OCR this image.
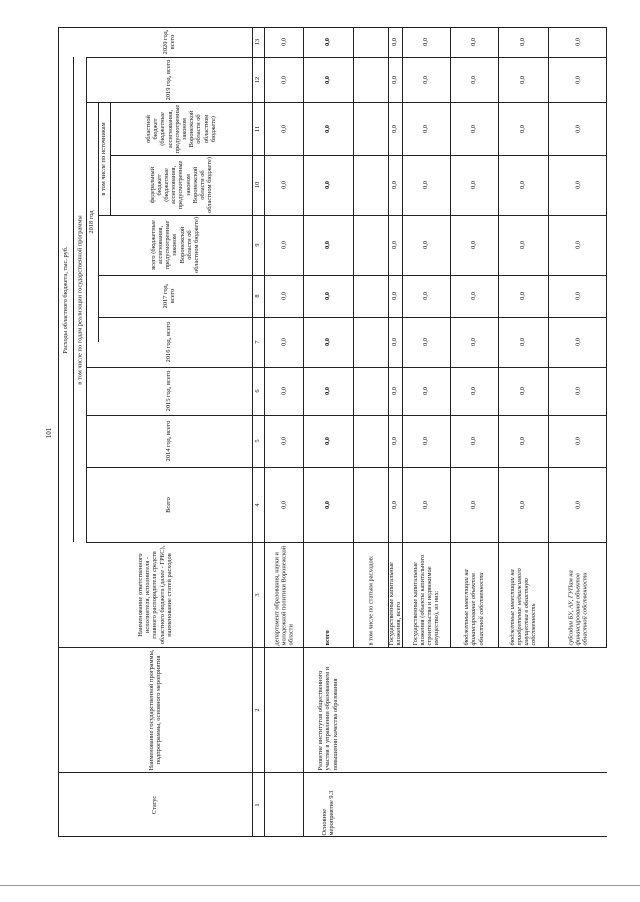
101
Расходы областного бюджета, тыс. руб.	в том числе по годам реализации государственной программы 2018 год
в том числе по источникам
Статус
Наименование государственной программы, подпрограммы, основного мероприятия
Наименование ответственного исполнителя, исполнителя - главного распорядителя средств областного бюджета (далее - ГРБС), наименование статей расходов
Всего
2014 год, всего
2015 год, всего
2016 год, всего
2017 год, всего
всего (бюджетные ассигнования, предусмотренные законом Воронежской области об областном бюджете)
федеральный бюджет (бюджетные ассигнования, предусмотренные законом Воронежской области об областном бюджете)
областной бюджет (бюджетные ассигнования, предусмотренные законом Воронежской области об областном бюджете)
2019 год, всего
2020 год, всего
1
2
3
4
5
6
7
8
9
10
11
12
13
департамент образования, науки и молодежной политики Воронежской области
0,0
0,0
0,0
0,0
0,0
0,0
0,0
0,0
0,0
0,0
Основное мероприятие 9.3
Развитие институтов общественного участия в управлении образованием и повышении качества образования
всего
0,0
0,0
0,0
0,0
0,0
0,0
0,0
0,0
0,0
0,0
в том числе по статьям расходов:	Государственные капитальные вложения, всего
0,0
0,0
0,0
0,0
0,0
0,0
0,0
0,0
0,0
0,0
Государственные капитальные вложения (объекты капитального строительства и недвижимое имущество), из них:
0,0
0,0
0,0
0,0
0,0
0,0
0,0
0,0
0,0
0,0
бюджетные инвестиции на финансирование объектов областной собственности
0,0
0,0
0,0
0,0
0,0
0,0
0,0
0,0
0,0
0,0
бюджетные инвестиции на приобретение недвижимого имущества в областную собственность
0,0
0,0
0,0
0,0
0,0
0,0
0,0
0,0
0,0
0,0
субсидии БУ, АУ, ГУПам на финансирование объектов областной собственности
0,0
0,0
0,0
0,0
0,0
0,0
0,0
0,0
0,0
0,0
